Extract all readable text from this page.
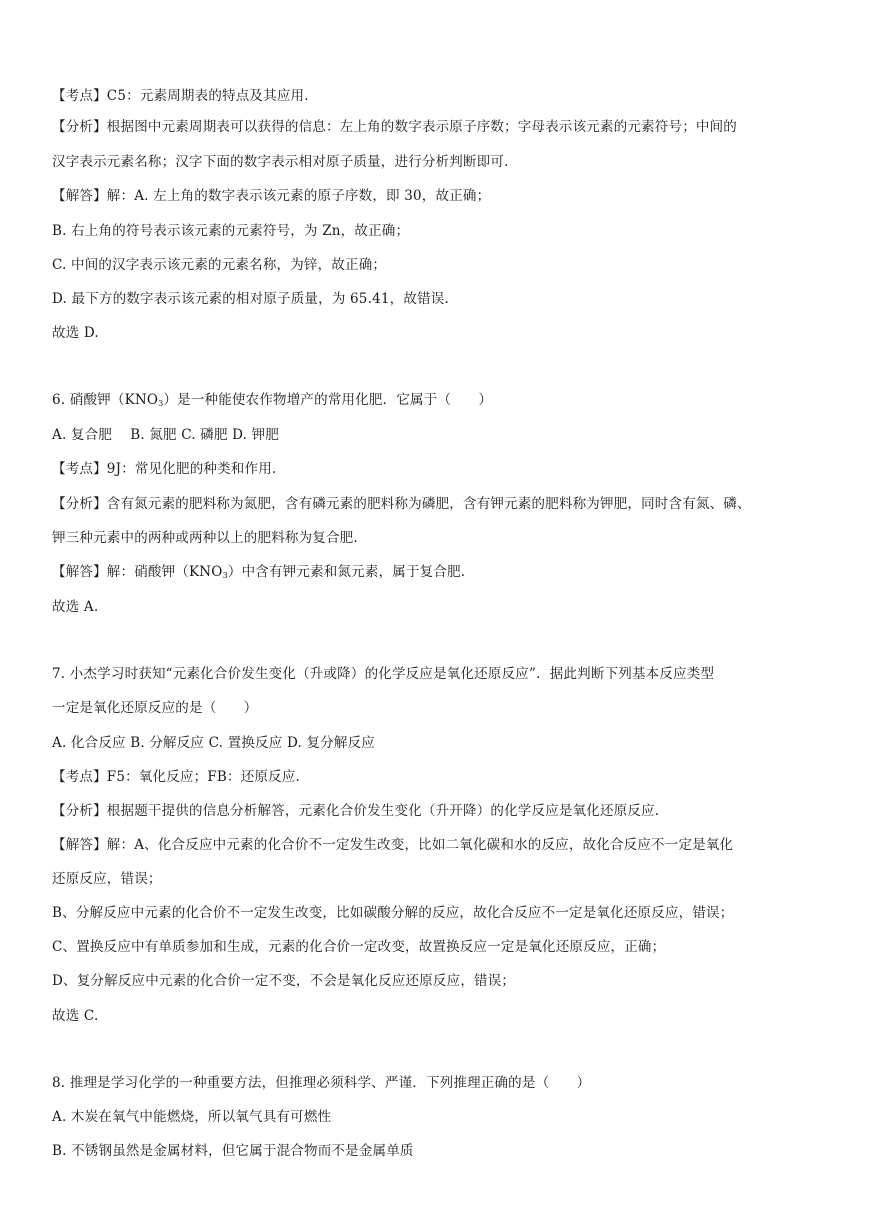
【考点】C5：元素周期表的特点及其应用.
【分析】根据图中元素周期表可以获得的信息：左上角的数字表示原子序数；字母表示该元素的元素符号；中间的
汉字表示元素名称；汉字下面的数字表示相对原子质量，进行分析判断即可.
【解答】解：A. 左上角的数字表示该元素的原子序数，即 30，故正确；
B. 右上角的符号表示该元素的元素符号，为 Zn，故正确；
C. 中间的汉字表示该元素的元素名称，为锌，故正确；
D. 最下方的数字表示该元素的相对原子质量，为 65.41，故错误.
故选 D.
6. 硝酸钾$(KNO_3)$是一种能使农作物增产的常用化肥．它属于（　　）
A. 复合肥　 B. 氮肥 C. 磷肥 D. 钾肥
【考点】9J：常见化肥的种类和作用.
【分析】含有氮元素的肥料称为氮肥，含有磷元素的肥料称为磷肥，含有钾元素的肥料称为钾肥，同时含有氮、磷、
钾三种元素中的两种或两种以上的肥料称为复合肥.
【解答】解：硝酸钾$(KNO_3)$中含有钾元素和氮元素，属于复合肥.
故选 A.
7. 小杰学习时获知“元素化合价发生变化（升或降）的化学反应是氧化还原反应”．据此判断下列基本反应类型
一定是氧化还原反应的是（　　）
A. 化合反应 B. 分解反应 C. 置换反应 D. 复分解反应
【考点】F5：氧化反应；FB：还原反应.
【分析】根据题干提供的信息分析解答，元素化合价发生变化（升开降）的化学反应是氧化还原反应.
【解答】解：A、化合反应中元素的化合价不一定发生改变，比如二氧化碳和水的反应，故化合反应不一定是氧化
还原反应，错误；
B、分解反应中元素的化合价不一定发生改变，比如碳酸分解的反应，故化合反应不一定是氧化还原反应，错误；
C、置换反应中有单质参加和生成，元素的化合价一定改变，故置换反应一定是氧化还原反应，正确；
D、复分解反应中元素的化合价一定不变，不会是氧化反应还原反应，错误；
故选 C.
8. 推理是学习化学的一种重要方法，但推理必须科学、严谨．下列推理正确的是（　　）
A. 木炭在氧气中能燃烧，所以氧气具有可燃性
B. 不锈钢虽然是金属材料，但它属于混合物而不是金属单质
